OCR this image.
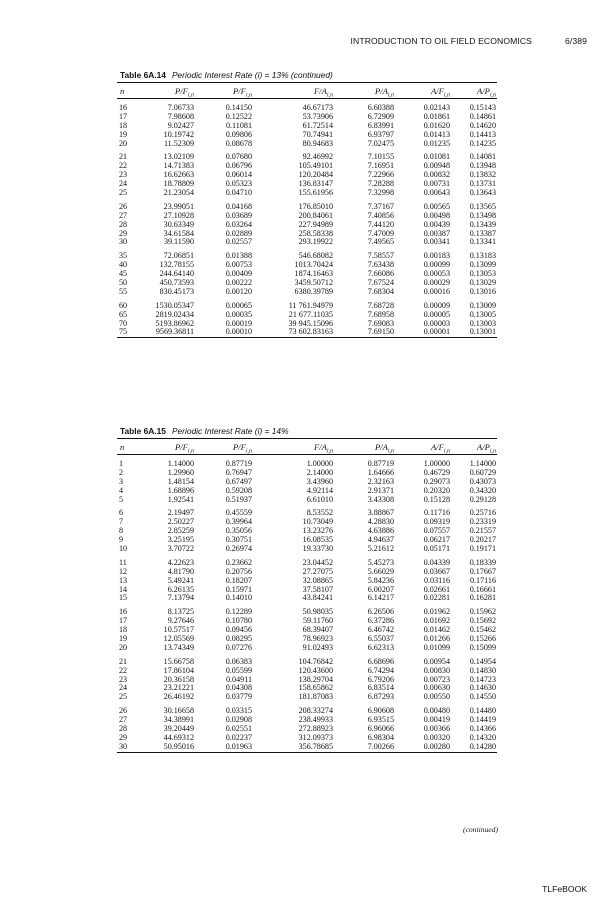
INTRODUCTION TO OIL FIELD ECONOMICS	6/389
Table 6A.14 Periodic Interest Rate (i) = 13% (continued)
n	$P/F_{i,n}$	$P/F_{i,n}$	$F/A_{i,n}$	$P/A_{i,n}$	$A/F_{i,n}$	$A/P_{i,n}$
16	7.06733	0.14150	46.67173	6.60388	0.02143 0.15143
17	7.98608	0.12522	53.73906	6.72909	0.01861 0.14861
18	9.02427	0.11081	61.72514	6.83991	0.01620 0.14620
19	10.19742	0.09806	70.74941	6.93797	0.01413 0.14413
20	11.52309	0.08678	80.94683	7.02475	0.01235 0.14235
21	13.02109	0.07680	92.46992	7.10155	0.01081 0.14081
22	14.71383	0.06796	105.49101	7.16951	0.00948 0.13948
23	16.62663	0.06014	120.20484	7.22966	0.00832 0.13832
24	18.78809	0.05323	136.83147	7.28288	0.00731 0.13731
25	21.23054	0.04710	155.61956	7.32998	0.00643 0.13643
26	23.99051	0.04168	176.85010	7.37167	0.00565 0.13565
27	27.10928	0.03689	200.84061	7.40856	0.00498 0.13498
28	30.63349	0.03264	227.94989	7.44120	0.00439 0.13439
29	34.61584	0.02889	258.58338	7.47009	0.00387 0.13387
30	39.11590	0.02557	293.19922	7.49565	0.00341 0.13341
35	72.06851	0.01388	546.68082	7.58557	0.00183 0.13183
40	132.78155	0.00753	1013.70424	7.63438	0.00099 0.13099
45	244.64140	0.00409	1874.16463	7.66086	0.00053 0.13053
50	450.73593	0.00222	3459.50712	7.67524	0.00029 0.13029
55	830.45173	0.00120	6380.39789	7.68304	0.00016 0.13016
60	1530.05347	0.00065	11 761.94979	7.68728	0.00009 0.13009
65	2819.02434	0.00035	21 677.11035	7.68958	0.00005 0.13005
70	5193.86962	0.00019	39 945.15096	7.69083	0.00003 0.13003
75	9569.36811	0.00010	73 602.83163	7.69150	0.00001 0.13001
Table 6A.15 Periodic Interest Rate (i) = 14%
n	$P/F_{i,n}$	$P/F_{i,n}$	$F/A_{i,n}$	$P/A_{i,n}$	$A/F_{i,n}$	$A/P_{i,n}$
1	1.14000	0.87719	1.00000	0.87719	1.00000 1.14000
2	1.29960	0.76947	2.14000	1.64666	0.46729 0.60729
3	1.48154	0.67497	3.43960	2.32163	0.29073 0.43073
4	1.68896	0.59208	4.92114	2.91371	0.20320 0.34320
5	1.92541	0.51937	6.61010	3.43308	0.15128 0.29128
6	2.19497	0.45559	8.53552	3.88867	0.11716 0.25716
7	2.50227	0.39964	10.73049	4.28830	0.09319 0.23319
8	2.85259	0.35056	13.23276	4.63886	0.07557 0.21557
9	3.25195	0.30751	16.08535	4.94637	0.06217 0.20217
10	3.70722	0.26974	19.33730	5.21612	0.05171 0.19171
11	4.22623	0.23662	23.04452	5.45273	0.04339 0.18339
12	4.81790	0.20756	27.27075	5.66029	0.03667 0.17667
13	5.49241	0.18207	32.08865	5.84236	0.03116 0.17116
14	6.26135	0.15971	37.58107	6.00207	0.02661 0.16661
15	7.13794	0.14010	43.84241	6.14217	0.02281 0.16281
16	8.13725	0.12289	50.98035	6.26506	0.01962 0.15962
17	9.27646	0.10780	59.11760	6.37286	0.01692 0.15692
18	10.57517	0.09456	68.39407	6.46742	0.01462 0.15462
19	12.05569	0.08295	78.96923	6.55037	0.01266 0.15266
20	13.74349	0.07276	91.02493	6.62313	0.01099 0.15099
21	15.66758	0.06383	104.76842	6.68696	0.00954 0.14954
22	17.86104	0.05599	120.43600	6.74294	0.00830 0.14830
23	20.36158	0.04911	138.29704	6.79206	0.00723 0.14723
24	23.21221	0.04308	158.65862	6.83514	0.00630 0.14630
25	26.46192	0.03779	181.87083	6.87293	0.00550 0.14550
26	30.16658	0.03315	208.33274	6.90608	0.00480 0.14480
27	34.38991	0.02908	238.49933	6.93515	0.00419 0.14419
28	39.20449	0.02551	272.88923	6.96066	0.00366 0.14366
29	44.69312	0.02237	312.09373	6.98304	0.00320 0.14320
30	50.95016	0.01963	356.78685	7.00266	0.00280 0.14280
(continued)
TLFeBOOK
